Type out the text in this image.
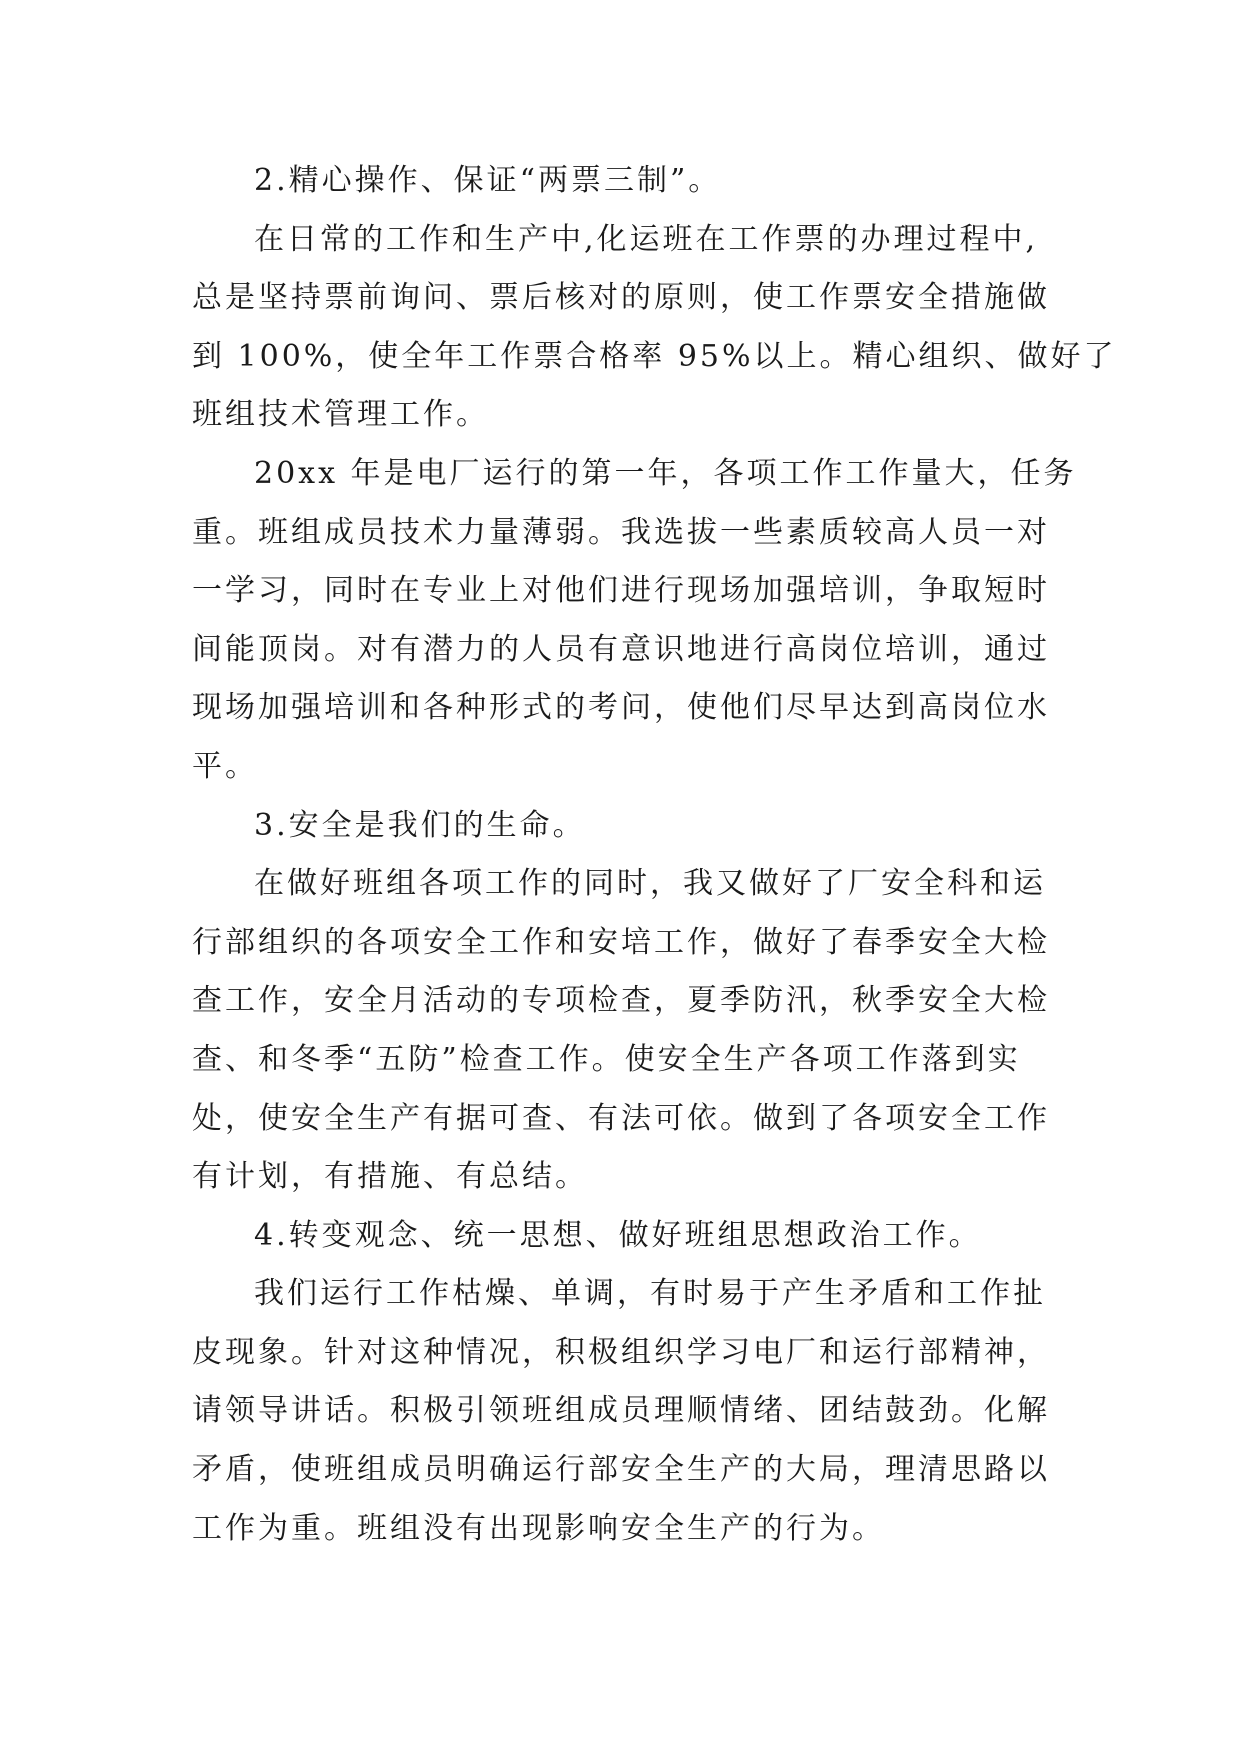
2.精心操作、保证“两票三制”。
在日常的工作和生产中,化运班在工作票的办理过程中,
总是坚持票前询问、票后核对的原则，使工作票安全措施做
到 100%，使全年工作票合格率 95%以上。精心组织、做好了
班组技术管理工作。
20xx 年是电厂运行的第一年，各项工作工作量大，任务
重。班组成员技术力量薄弱。我选拔一些素质较高人员一对
一学习，同时在专业上对他们进行现场加强培训，争取短时
间能顶岗。对有潜力的人员有意识地进行高岗位培训，通过
现场加强培训和各种形式的考问，使他们尽早达到高岗位水
平。
3.安全是我们的生命。
在做好班组各项工作的同时，我又做好了厂安全科和运
行部组织的各项安全工作和安培工作，做好了春季安全大检
查工作，安全月活动的专项检查，夏季防汛，秋季安全大检
查、和冬季“五防”检查工作。使安全生产各项工作落到实
处，使安全生产有据可查、有法可依。做到了各项安全工作
有计划，有措施、有总结。
4.转变观念、统一思想、做好班组思想政治工作。
我们运行工作枯燥、单调，有时易于产生矛盾和工作扯
皮现象。针对这种情况，积极组织学习电厂和运行部精神，
请领导讲话。积极引领班组成员理顺情绪、团结鼓劲。化解
矛盾，使班组成员明确运行部安全生产的大局，理清思路以
工作为重。班组没有出现影响安全生产的行为。
